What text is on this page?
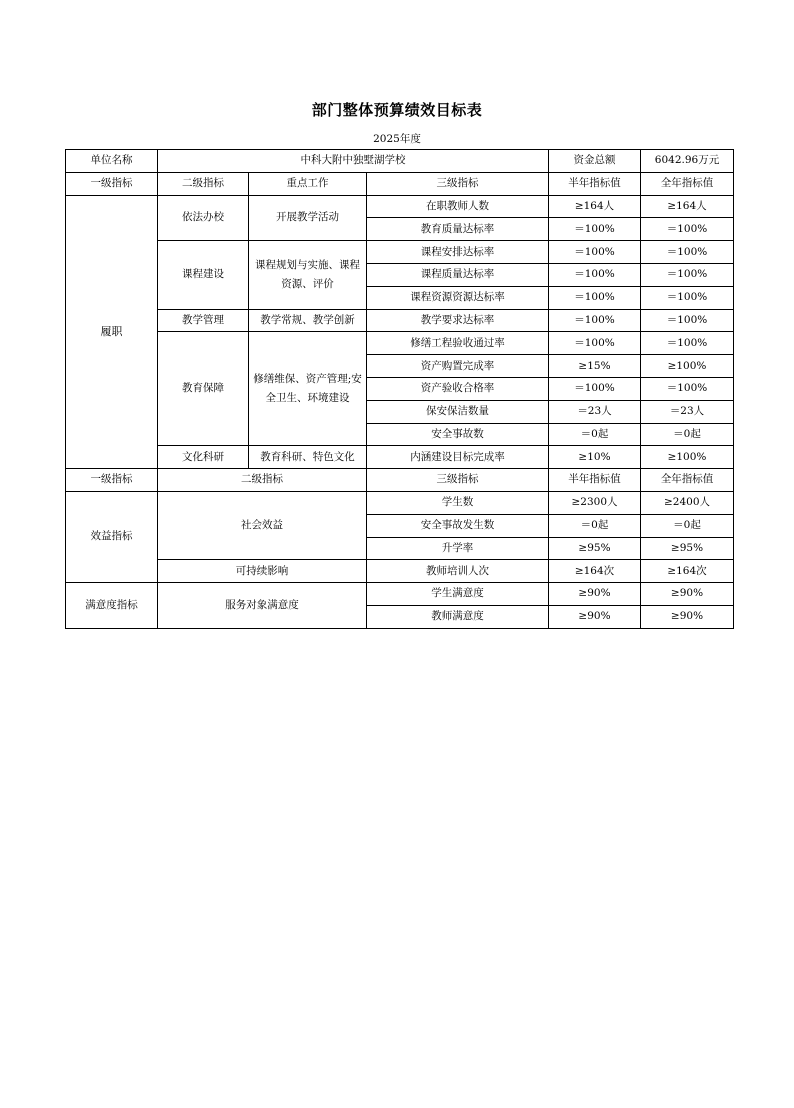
部门整体预算绩效目标表
2025年度
单位名称	中科大附中独墅湖学校			资金总额	6042.96万元
一级指标	二级指标	重点工作	三级指标	半年指标值	全年指标值
履职	依法办校	开展教学活动	在职教师人数	≥164人	≥164人
			教育质量达标率	＝100%	＝100%
	课程建设	课程规划与实施、课程资源、评价	课程安排达标率	＝100%	＝100%
			课程质量达标率	＝100%	＝100%
			课程资源资源达标率	＝100%	＝100%
	教学管理	教学常规、教学创新	教学要求达标率	＝100%	＝100%
	教育保障	修缮维保、资产管理;安全卫生、环境建设	修缮工程验收通过率	＝100%	＝100%
			资产购置完成率	≥15%	≥100%
			资产验收合格率	＝100%	＝100%
			保安保洁数量	＝23人	＝23人
			安全事故数	＝0起	＝0起
	文化科研	教育科研、特色文化	内涵建设目标完成率	≥10%	≥100%
一级指标	二级指标		三级指标	半年指标值	全年指标值
效益指标	社会效益		学生数	≥2300人	≥2400人
			安全事故发生数	＝0起	＝0起
			升学率	≥95%	≥95%
	可持续影响		教师培训人次	≥164次	≥164次
满意度指标	服务对象满意度		学生满意度	≥90%	≥90%
			教师满意度	≥90%	≥90%
